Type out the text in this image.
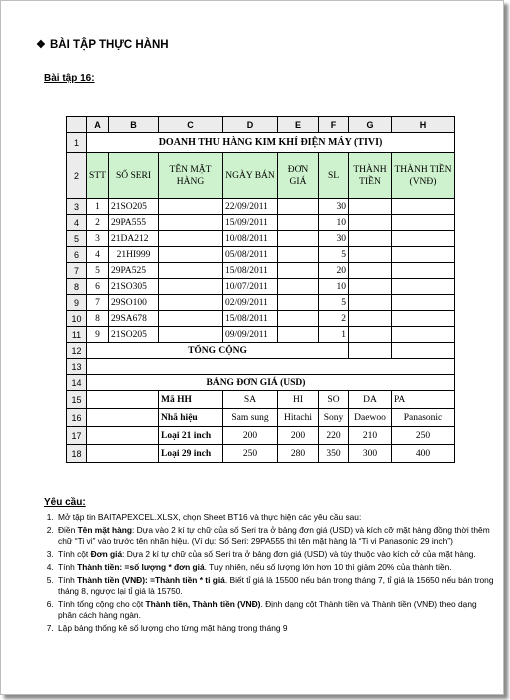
❖ BÀI TẬP THỰC HÀNH
Bài tập 16:
	A	B	C	D	E	F	G	H
1	DOANH THU HÀNG KIM KHÍ ĐIỆN MÁY (TIVI)							
2	STT	SỐ SERI	TÊN MẶT HÀNG	NGÀY BÁN	ĐƠN GIÁ	SL	THÀNH TIỀN	THÀNH TIỀN (VNĐ)
3	1	21SO205		22/09/2011		30		
4	2	29PA555		15/09/2011		10		
5	3	21DA212		10/08/2011		30		
6	4	21HI999		05/08/2011		5		
7	5	29PA525		15/08/2011		20		
8	6	21SO305		10/07/2011		10		
9	7	29SO100		02/09/2011		5		
10	8	29SA678		15/08/2011		2		
11	9	21SO205		09/09/2011		1		
12	TỔNG CỘNG							
13								
14			BẢNG ĐƠN GIÁ (USD)					
15			Mã HH	SA	HI	SO	DA	PA
16			Nhã hiệu	Sam sung	Hitachi	Sony	Daewoo	Panasonic
17			Loại 21 inch	200	200	220	210	250
18			Loại 29 inch	250	280	350	300	400
Yêu cầu:
1. Mở tập tin BAITAPEXCEL.XLSX, chọn Sheet BT16 và thực hiện các yêu cầu sau:
2. Điền Tên mặt hàng: Dựa vào 2 kí tự chữ của số Seri tra ở bảng đơn giá (USD) và kích cỡ mặt hàng đồng thời thêm chữ “Ti vi” vào trước tên nhãn hiệu. (Ví dụ: Số Seri: 29PA555 thì tên mặt hàng là “Ti vi Panasonic 29 inch”)
3. Tính cột Đơn giá: Dựa 2 kí tự chữ của số Seri tra ở bảng đơn giá (USD) và tùy thuộc vào kích cở của mặt hàng.
4. Tính Thành tiền: =số lượng * đơn giá. Tuy nhiên, nếu số lượng lớn hơn 10 thì giảm 20% của thành tiền.
5. Tính Thành tiền (VNĐ): =Thành tiền * tỉ giá. Biết tỉ giá là 15500 nếu bán trong tháng 7, tỉ giá là 15650 nếu bán trong tháng 8, ngược lại tỉ giá là 15750.
6. Tính tổng cộng cho cột Thành tiền, Thành tiền (VNĐ). Định dạng cột Thành tiền và Thành tiền (VNĐ) theo dạng phân cách hàng ngàn.
7. Lập bảng thống kê số lượng cho từng mặt hàng trong tháng 9
